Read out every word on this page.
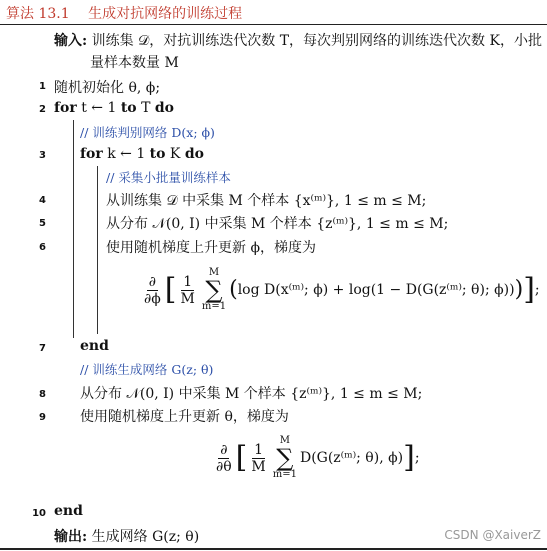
算法 13.1　 生成对抗网络的训练过程
输入: 训练集 𝒟，对抗训练迭代次数 T，每次判别网络的训练迭代次数 K，小批
量样本数量 M
1 随机初始化 θ, ϕ;
2 for t ← 1 to T do
// 训练判别网络 D(x; ϕ)
3 for k ← 1 to K do
// 采集小批量训练样本
4	从训练集 𝒟 中采集 M 个样本 {x⁽ᵐ⁾}, 1 ≤ m ≤ M;
5	从分布 𝒩(0, I) 中采集 M 个样本 {z⁽ᵐ⁾}, 1 ≤ m ≤ M;
6	使用随机梯度上升更新 ϕ，梯度为
$\frac{\partial}{\partial\phi}$ [ $\frac{1}{M}$
M
∑
m=1
( log D(x⁽ᵐ⁾; ϕ) + log(1 − D(G(z⁽ᵐ⁾; θ); ϕ)) ) ] ;
7 end
// 训练生成网络 G(z; θ)
8 从分布 𝒩(0, I) 中采集 M 个样本 {z⁽ᵐ⁾}, 1 ≤ m ≤ M;
9 使用随机梯度上升更新 θ，梯度为
$\frac{\partial}{\partial\theta}$ [ $\frac{1}{M}$
M
∑
m=1
D(G(z⁽ᵐ⁾; θ), ϕ) ] ;
10 end
输出: 生成网络 G(z; θ)	CSDN @XaiverZ
